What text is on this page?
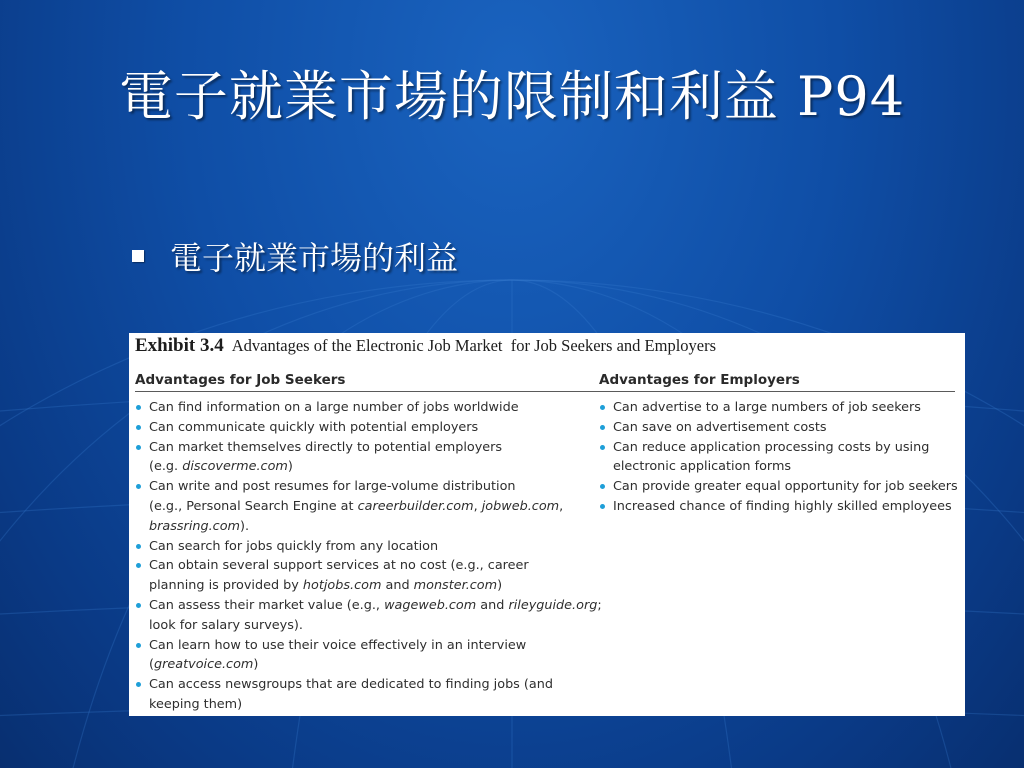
電子就業市場的限制和利益 P94
電子就業市場的利益
Exhibit 3.4 Advantages of the Electronic Job Market  for Job Seekers and Employers
Advantages for Job Seekers
Can find information on a large number of jobs worldwide
Can communicate quickly with potential employers
Can market themselves directly to potential employers
(e.g. discoverme.com)
Can write and post resumes for large-volume distribution
(e.g., Personal Search Engine at careerbuilder.com, jobweb.com,
brassring.com).
Can search for jobs quickly from any location
Can obtain several support services at no cost (e.g., career
planning is provided by hotjobs.com and monster.com)
Can assess their market value (e.g., wageweb.com and rileyguide.org;
look for salary surveys).
Can learn how to use their voice effectively in an interview
(greatvoice.com)
Can access newsgroups that are dedicated to finding jobs (and
keeping them)
Advantages for Employers
Can advertise to a large numbers of job seekers
Can save on advertisement costs
Can reduce application processing costs by using
electronic application forms
Can provide greater equal opportunity for job seekers
Increased chance of finding highly skilled employees
